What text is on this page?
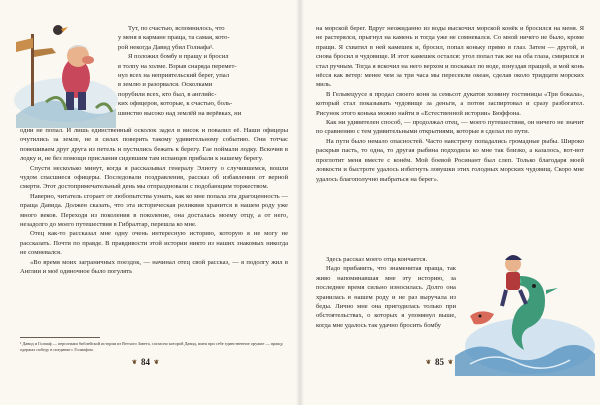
Тут, по счастью, вспомнилось, что

у меня в кармане праща, та самая, кото-

рой некогда Давид убил Голиафа¹.

Я положил бомбу в пращу и бросил

в толпу на холме. Взрыв снаряда перемет-

нул всех на неприятельский берег, упал

в землю и разорвался. Осколками

порубили всех, кто был, в английс-

ких офицеров, которые, к счастью, боль-

шинство высоко над землёй на верёвках, ни

одни не попал. И лишь единственный осколок задел в висок и повалил её. Наши офицеры очутились за земле, не в силах поверить такому удивительному событию. Они тотчас повешиваем друг друга из петель и пустились бежать к берегу. Гае поймали лодку. Вскочив в лодку и, не без помощи прислания сидевшим там испанцев прибыли к нашему берегу.

Спустя несколько минут, когда я рассказывал генералу Элиоту о случившемся, вошли чудом спасшиеся офицеры. Последовали поздравления, рассказ об избавлении от верной смерти. Этот достопримечательный день мы отпраздновали с подобающим торжеством.

Наверно, читатель сгорает от любопытства узнать, как ко мне попала эта драгоценность — праща Давида. Должен сказать, что эта историческая реликвия хранится в нашем роду уже много веков. Переходя из поколения в поколение, она досталась моему отцу, а от него, незадолго до моего путешествия в Гибралтар, перешла ко мне.

Отец как-то рассказал мне одну очень интересную историю, которую я не могу не рассказать. Почти по правде. В правдивости этой истории никто из наших знакомых никогда не сомневался.

«Во время моих заграничных поездок, — начинал отец свой рассказ, — я подолгу жил в Англии и моё одиночное было погулять

¹ Давид и Голиаф — персонажи библейской истории из Ветхого Завета, согласно которой Давид, имея при себе единственное оружие — пращу, одержал победу в поединке с Голиафом.
❦ 84 ❦

на морской берег. Вдруг неожиданно из воды выскочил морской конёк и бросился на меня. Я не растерялся, прыгнул на камень и тогда уже не сомневался. Со мной ничего не было, кроме пращи. Я схватил в ней камешек и, бросил, попал коньку прямо в глаз. Затем — другой, и снова бросил в чудовище. И этот камешек остался: угол попал так же на оба глаза, смирился и стал ручным. Тогда я вскочил на него верхом и поскакал по воде, взнуздав пращой, и мой конь нёсся как ветер: менее чем за три часа мы пересекли океан, сделав около тридцати морских миль.

В Гельвецуусе я продал своего коня за семьсот дукатов хозяину гостиницы «Три бокала», который стал показывать чудовище за деньги, а потом заспиртовал и сразу разбогател. Рисунок этого конька можно найти в «Естественной истории» Бюффона.

Как ни удивителен способ, — продолжал отец, — моего путешествия, он ничего не значит по сравнению с тем удивительными открытиями, которые я сделал по пути.

На пути было немало опасностей. Часто навстречу попадались громадные рыбы. Широко раскрыв пасть, то одна, то другая рыбина подходила ко мне так близко, а казалось, вот-вот проглотит меня вместе с конём. Мой боевой Росинант был слеп. Только благодаря моей ловкости и быстроте удалось избегнуть ловушки этих голодных морских чудовищ. Скоро мне удалось благополучно выбраться на берег».

Здесь рассказ моего отца кончается.

Надо прибавить, что знаменитая праща, так живо напоминавшая мне эту историю, за последнее время сильно износилась. Долго она хранилась в нашем роду и не раз выручала из беды. Лично мне она пригодилась только при обстоятельствах, о которых я упомянул выше, когда мне удалось так удачно бросить бомбу

❦ 85 ❦
